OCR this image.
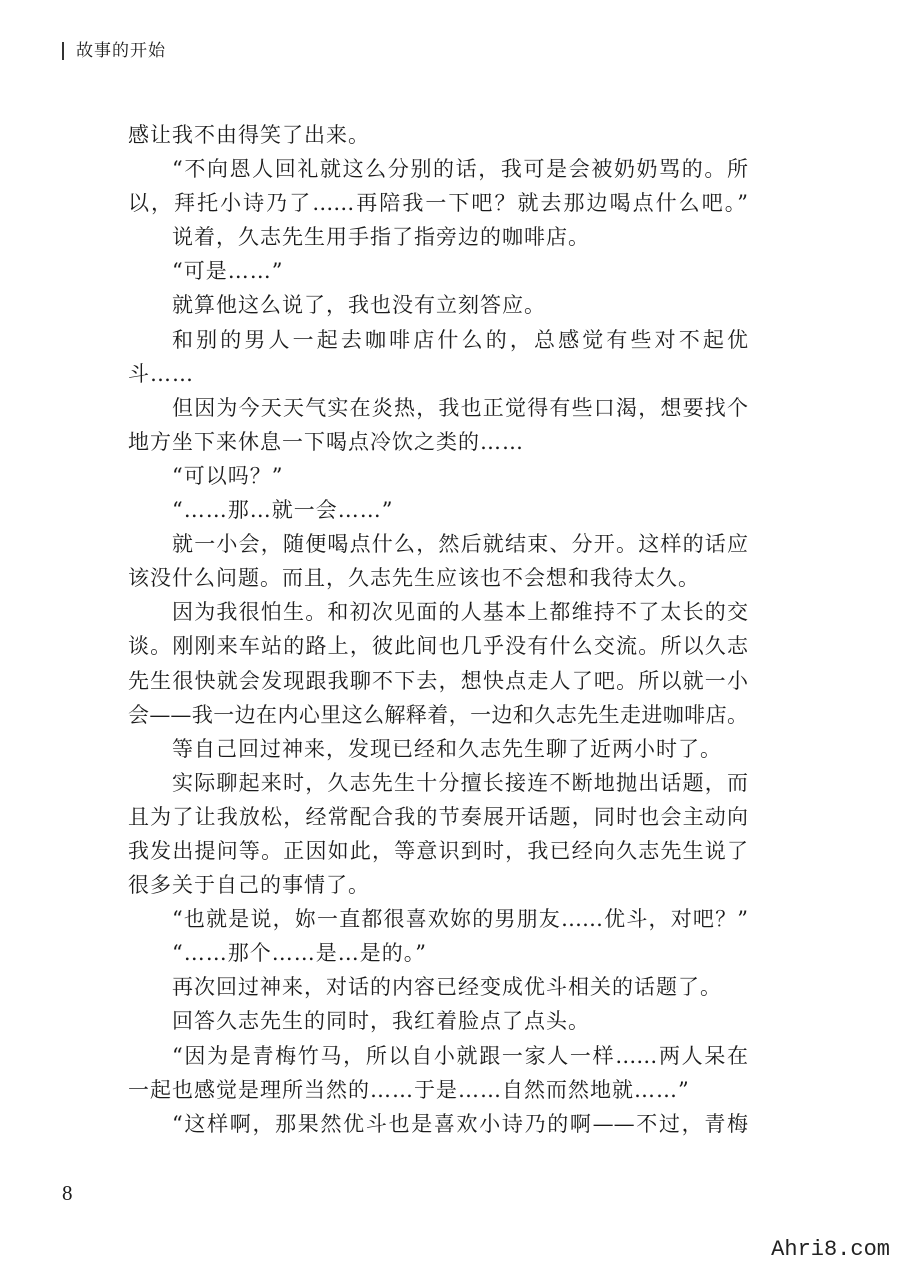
故事的开始
感让我不由得笑了出来。
“不向恩人回礼就这么分别的话，我可是会被奶奶骂的。所
以，拜托小诗乃了……再陪我一下吧？就去那边喝点什么吧。”
说着，久志先生用手指了指旁边的咖啡店。
“可是……”
就算他这么说了，我也没有立刻答应。
和别的男人一起去咖啡店什么的，总感觉有些对不起优
斗……
但因为今天天气实在炎热，我也正觉得有些口渴，想要找个
地方坐下来休息一下喝点冷饮之类的……
“可以吗？”
“……那…就一会……”
就一小会，随便喝点什么，然后就结束、分开。这样的话应
该没什么问题。而且，久志先生应该也不会想和我待太久。
因为我很怕生。和初次见面的人基本上都维持不了太长的交
谈。刚刚来车站的路上，彼此间也几乎没有什么交流。所以久志
先生很快就会发现跟我聊不下去，想快点走人了吧。所以就一小
会——我一边在内心里这么解释着，一边和久志先生走进咖啡店。
等自己回过神来，发现已经和久志先生聊了近两小时了。
实际聊起来时，久志先生十分擅长接连不断地抛出话题，而
且为了让我放松，经常配合我的节奏展开话题，同时也会主动向
我发出提问等。正因如此，等意识到时，我已经向久志先生说了
很多关于自己的事情了。
“也就是说，妳一直都很喜欢妳的男朋友……优斗，对吧？”
“……那个……是…是的。”
再次回过神来，对话的内容已经变成优斗相关的话题了。
回答久志先生的同时，我红着脸点了点头。
“因为是青梅竹马，所以自小就跟一家人一样……两人呆在
一起也感觉是理所当然的……于是……自然而然地就……”
“这样啊，那果然优斗也是喜欢小诗乃的啊——不过，青梅
8
Ahri8.com
